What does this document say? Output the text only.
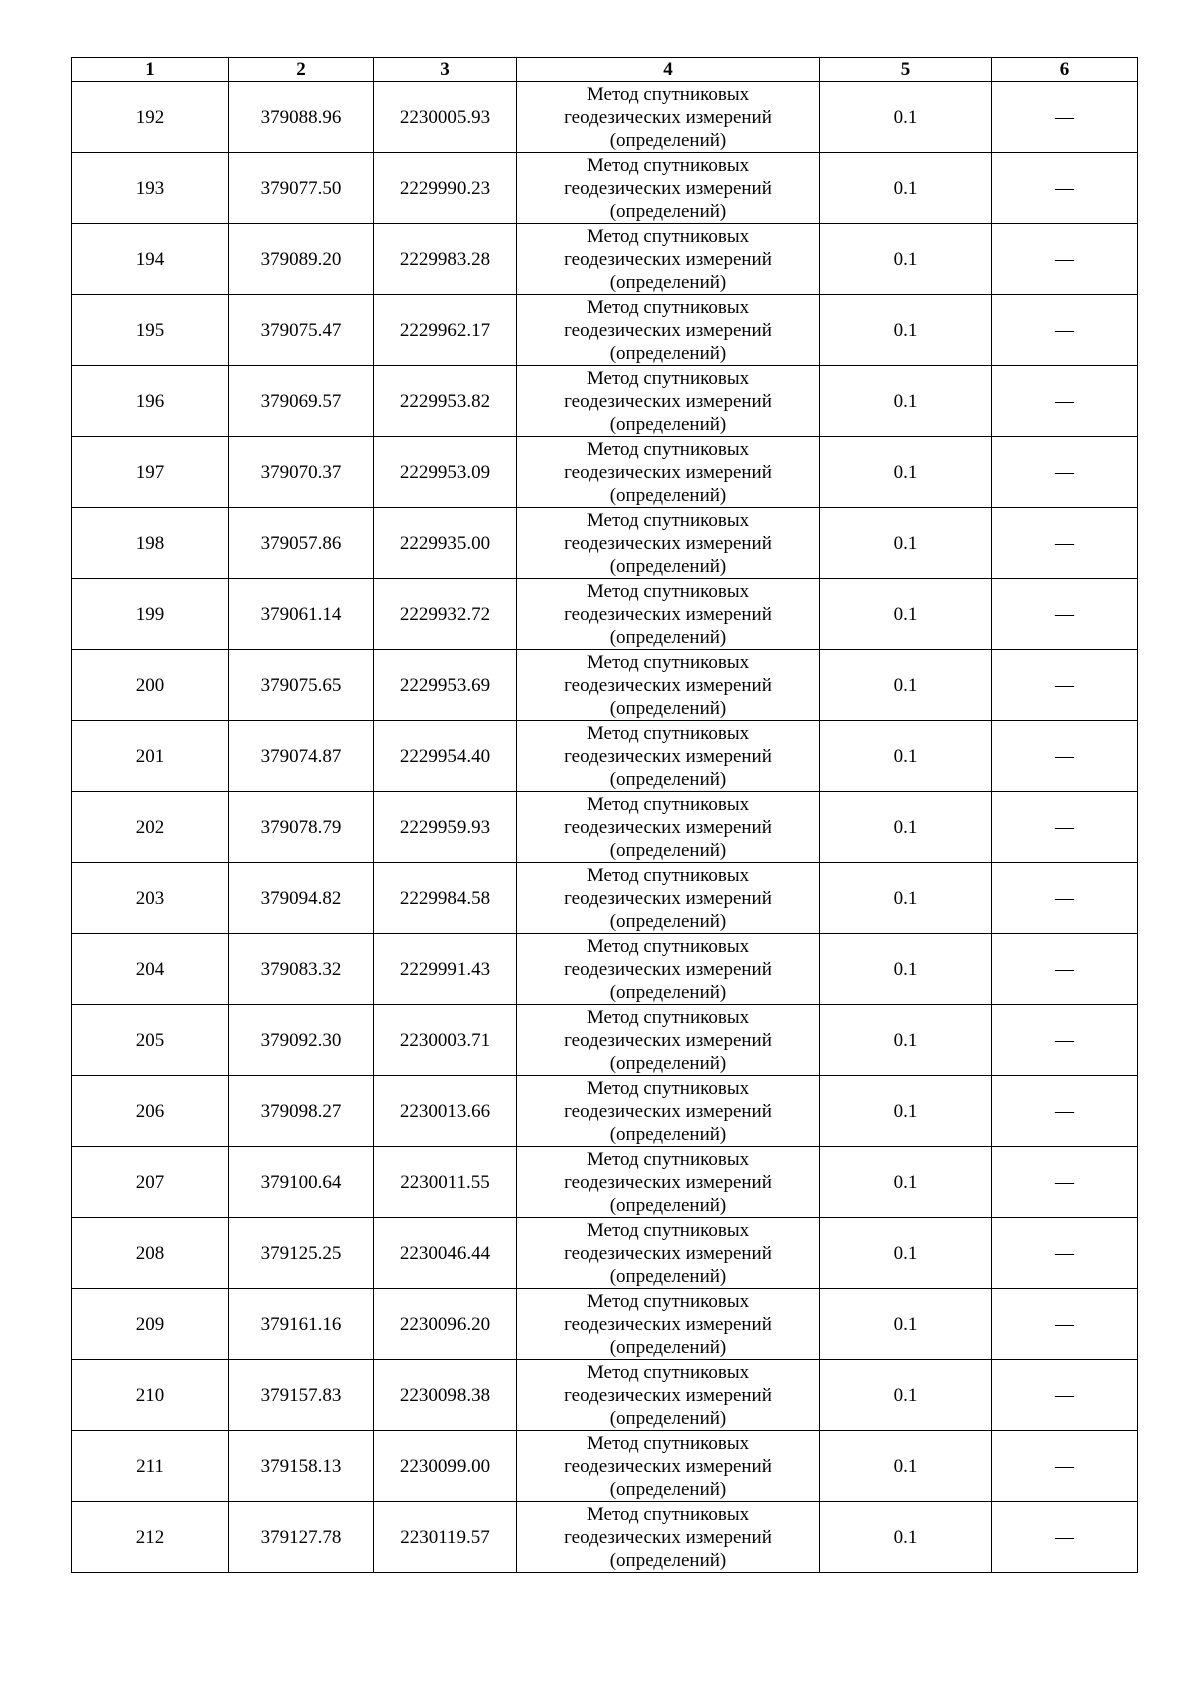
1	2	3	4	5	6
192	379088.96	2230005.93	Метод спутниковых
геодезических измерений
(определений)	0.1	—
193	379077.50	2229990.23	Метод спутниковых
геодезических измерений
(определений)	0.1	—
194	379089.20	2229983.28	Метод спутниковых
геодезических измерений
(определений)	0.1	—
195	379075.47	2229962.17	Метод спутниковых
геодезических измерений
(определений)	0.1	—
196	379069.57	2229953.82	Метод спутниковых
геодезических измерений
(определений)	0.1	—
197	379070.37	2229953.09	Метод спутниковых
геодезических измерений
(определений)	0.1	—
198	379057.86	2229935.00	Метод спутниковых
геодезических измерений
(определений)	0.1	—
199	379061.14	2229932.72	Метод спутниковых
геодезических измерений
(определений)	0.1	—
200	379075.65	2229953.69	Метод спутниковых
геодезических измерений
(определений)	0.1	—
201	379074.87	2229954.40	Метод спутниковых
геодезических измерений
(определений)	0.1	—
202	379078.79	2229959.93	Метод спутниковых
геодезических измерений
(определений)	0.1	—
203	379094.82	2229984.58	Метод спутниковых
геодезических измерений
(определений)	0.1	—
204	379083.32	2229991.43	Метод спутниковых
геодезических измерений
(определений)	0.1	—
205	379092.30	2230003.71	Метод спутниковых
геодезических измерений
(определений)	0.1	—
206	379098.27	2230013.66	Метод спутниковых
геодезических измерений
(определений)	0.1	—
207	379100.64	2230011.55	Метод спутниковых
геодезических измерений
(определений)	0.1	—
208	379125.25	2230046.44	Метод спутниковых
геодезических измерений
(определений)	0.1	—
209	379161.16	2230096.20	Метод спутниковых
геодезических измерений
(определений)	0.1	—
210	379157.83	2230098.38	Метод спутниковых
геодезических измерений
(определений)	0.1	—
211	379158.13	2230099.00	Метод спутниковых
геодезических измерений
(определений)	0.1	—
212	379127.78	2230119.57	Метод спутниковых
геодезических измерений
(определений)	0.1	—
